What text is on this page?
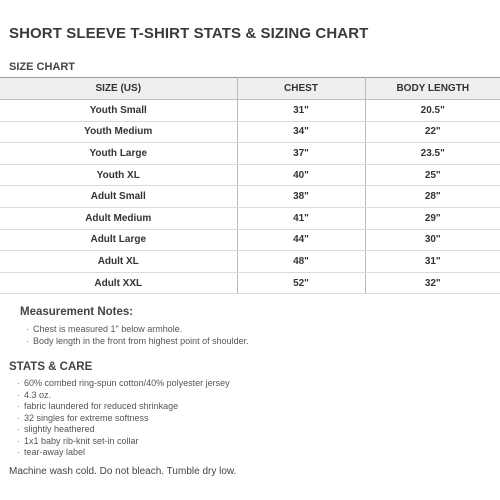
SHORT SLEEVE T-SHIRT STATS & SIZING CHART
SIZE CHART
SIZE (US)	CHEST	BODY LENGTH
Youth Small	31"	20.5"
Youth Medium	34"	22"
Youth Large	37"	23.5"
Youth XL	40"	25"
Adult Small	38"	28"
Adult Medium	41"	29"
Adult Large	44"	30"
Adult XL	48"	31"
Adult XXL	52"	32"
Measurement Notes:
· Chest is measured 1" below armhole.
· Body length in the front from highest point of shoulder.
STATS & CARE
· 60% combed ring-spun cotton/40% polyester jersey
· 4.3 oz.
· fabric laundered for reduced shrinkage
· 32 singles for extreme softness
· slightly heathered
· 1x1 baby rib-knit set-in collar
· tear-away label
Machine wash cold. Do not bleach. Tumble dry low.
